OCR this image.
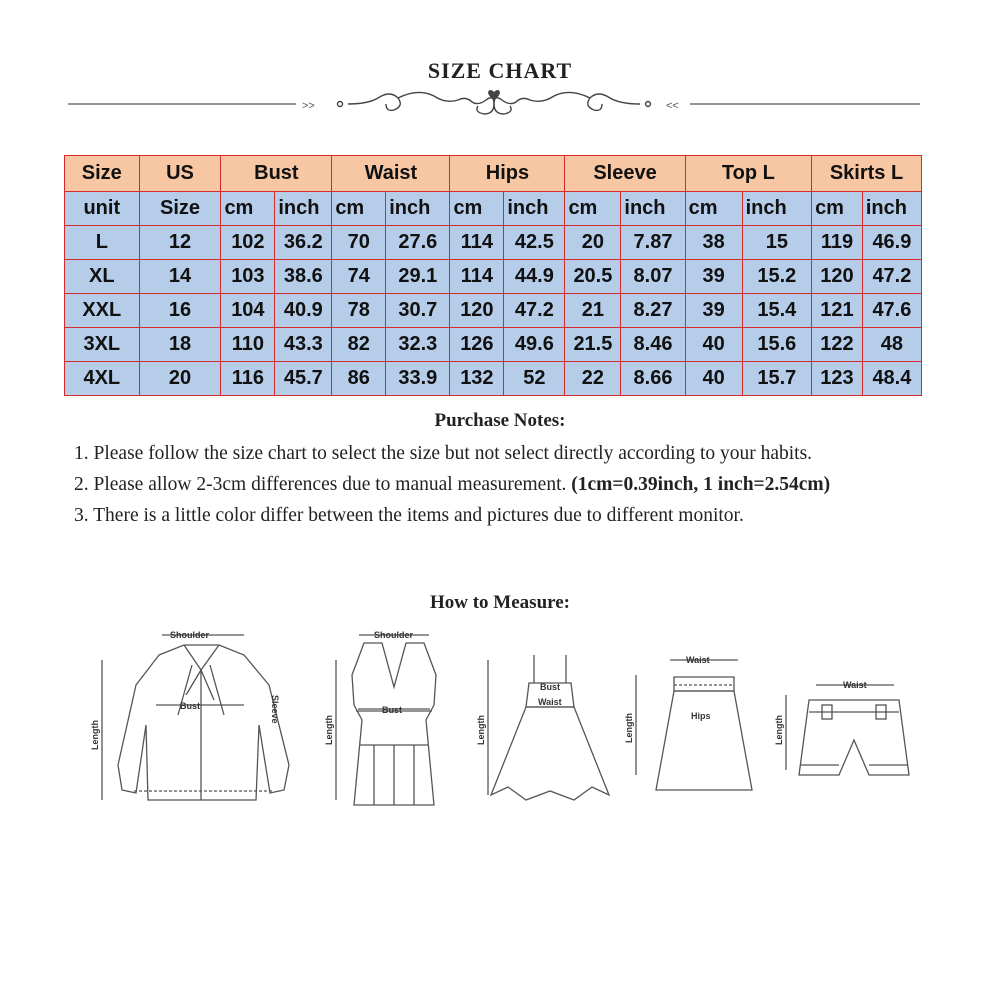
SIZE CHART
>>	<<
Size	US	Bust		Waist		Hips		Sleeve		Top L		Skirts L	
unit	Size	cm	inch	cm	inch	cm	inch	cm	inch	cm	inch	cm	inch
L	12	102	36.2	70	27.6	114	42.5	20	7.87	38	15	119	46.9
XL	14	103	38.6	74	29.1	114	44.9	20.5	8.07	39	15.2	120	47.2
XXL	16	104	40.9	78	30.7	120	47.2	21	8.27	39	15.4	121	47.6
3XL	18	110	43.3	82	32.3	126	49.6	21.5	8.46	40	15.6	122	48
4XL	20	116	45.7	86	33.9	132	52	22	8.66	40	15.7	123	48.4
Purchase Notes:

1. Please follow the size chart to select the size but not select directly according to your habits.

2. Please allow 2-3cm differences due to manual measurement. (1cm=0.39inch, 1 inch=2.54cm)

3. There is a little color differ between the items and pictures due to different monitor.

How to Measure:
Shoulder
Bust	Sleeve
Length
Shoulder
Bust
Length
Bust
Waist
Length
Waist
Hips
Length
Waist
Length
